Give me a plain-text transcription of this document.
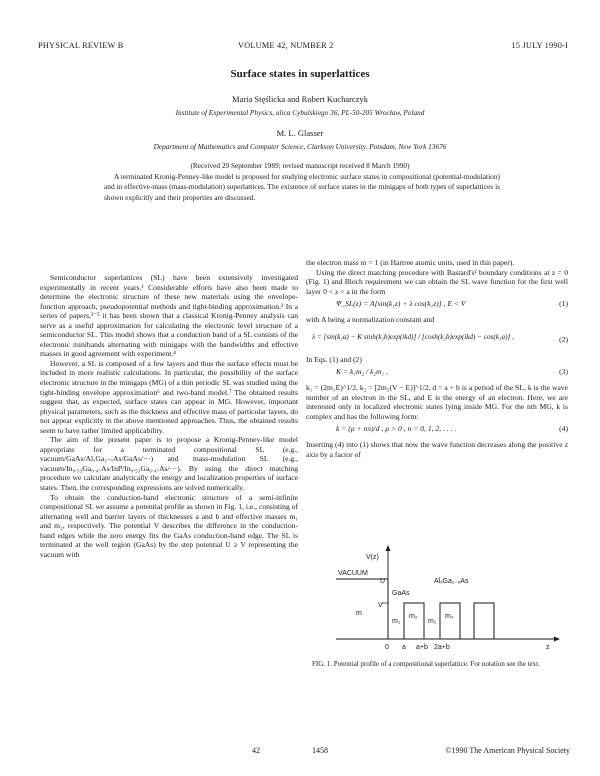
PHYSICAL REVIEW B	VOLUME 42, NUMBER 2	15 JULY 1990-I
Surface states in superlattices
Maria Stęślicka and Robert Kucharczyk
Institute of Experimental Physics, ulica Cybulskiego 36, PL-50-205 Wrocław, Poland
M. L. Glasser
Department of Mathematics and Computer Science, Clarkson University, Potsdam, New York 13676
(Received 29 September 1989; revised manuscript received 8 March 1990)
A terminated Kronig-Penney-like model is proposed for studying electronic surface states in compositional (potential-modulation) and in effective-mass (mass-modulation) superlattices. The existence of surface states in the minigaps of both types of superlattices is shown explicitly and their properties are discussed.

Semiconductor superlattices (SL) have been extensively investigated experimentally in recent years.¹ Considerable efforts have also been made to determine the electronic structure of these new materials using the envelope-function approach, pseudopotential methods and tight-binding approximation.² In a series of papers,³⁻⁵ it has been shown that a classical Kronig-Penney analysis can serve as a useful approximation for calculating the electronic level structure of a semiconductor SL. This model shows that a conduction band of a SL consists of the electronic minibands alternating with minigaps with the bandwidths and effective masses in good agreement with experiment.⁴

However, a SL is composed of a few layers and thus the surface effects must be included in more realistic calculations. In particular, the possibility of the surface electronic structure in the minigaps (MG) of a thin periodic SL was studied using the tight-binding envelope approximation⁶ and two-band model.⁷ The obtained results suggest that, as expected, surface states can appear in MG. However, important physical parameters, such as the thickness and effective mass of particular layers, do not appear explicitly in the above mentioned approaches. Thus, the obtained results seem to have rather limited applicability.

The aim of the present paper is to propose a Kronig-Penney-like model appropriate for a terminated compositional SL (e.g., vacuum/GaAs/AlₓGa₁₋ₓAs/GaAs/···) and mass-modulation SL (e.g., vacuum/In₀.₅₃Ga₀.₄₇As/InP/In₀.₅₃Ga₀.₄₇As/···). By using the direct matching procedure we calculate analytically the energy and localization properties of surface states. Then, the corresponding expressions are solved numerically.

To obtain the conduction-band electronic structure of a semi-infinite compositional SL we assume a potential profile as shown in Fig. 1, i.e., consisting of alternating well and barrier layers of thicknesses a and b and effective masses m₁ and m₂, respectively. The potential V describes the difference in the conduction-band edges while the zero energy fits the GaAs conduction-band edge. The SL is terminated at the well region (GaAs) by the step potential U ≥ V representing the vacuum with

the electron mass m = 1 (in Hartree atomic units, used in this paper).

Using the direct matching procedure with Bastard's² boundary conditions at z = 0 (Fig. 1) and Bloch requirement we can obtain the SL wave function for the first well layer 0 < z < a in the form

Ψ_SL(z) = A[sin(k₁z) + λ cos(k₁z)] , E < V	(1)

with A being a normalization constant and

λ = [sin(k₁a) − K sinh(k₂b)exp(ikd)] / [cosh(k₂b)exp(ikd) − cos(k₁a)] ,	(2)

In Eqs. (1) and (2)

K = k₁m₂ / k₂m₁ ,	(3)

k₁ = (2m₁E)^1/2, k₂ = [2m₂(V − E)]^1/2, d = a + b is a period of the SL, k is the wave number of an electron in the SL, and E is the energy of an electron. Here, we are interested only in localized electronic states lying inside MG. For the nth MG, k is complex and has the following form:

k = (μ + nπ)/d , μ > 0 , n = 0, 1, 2, . . . .	(4)

Inserting (4) into (1) shows that now the wave function decreases along the positive z axis by a factor of

V(z)
VACUUM
U
V
AlₓGa₁₋ₓAs
GaAs
m
m₁
m₂
m₁
m₂
0 a a+b 2a+b	z
FIG. 1. Potential profile of a compositional superlattice. For notation see the text.
42	1458	©1990 The American Physical Society
